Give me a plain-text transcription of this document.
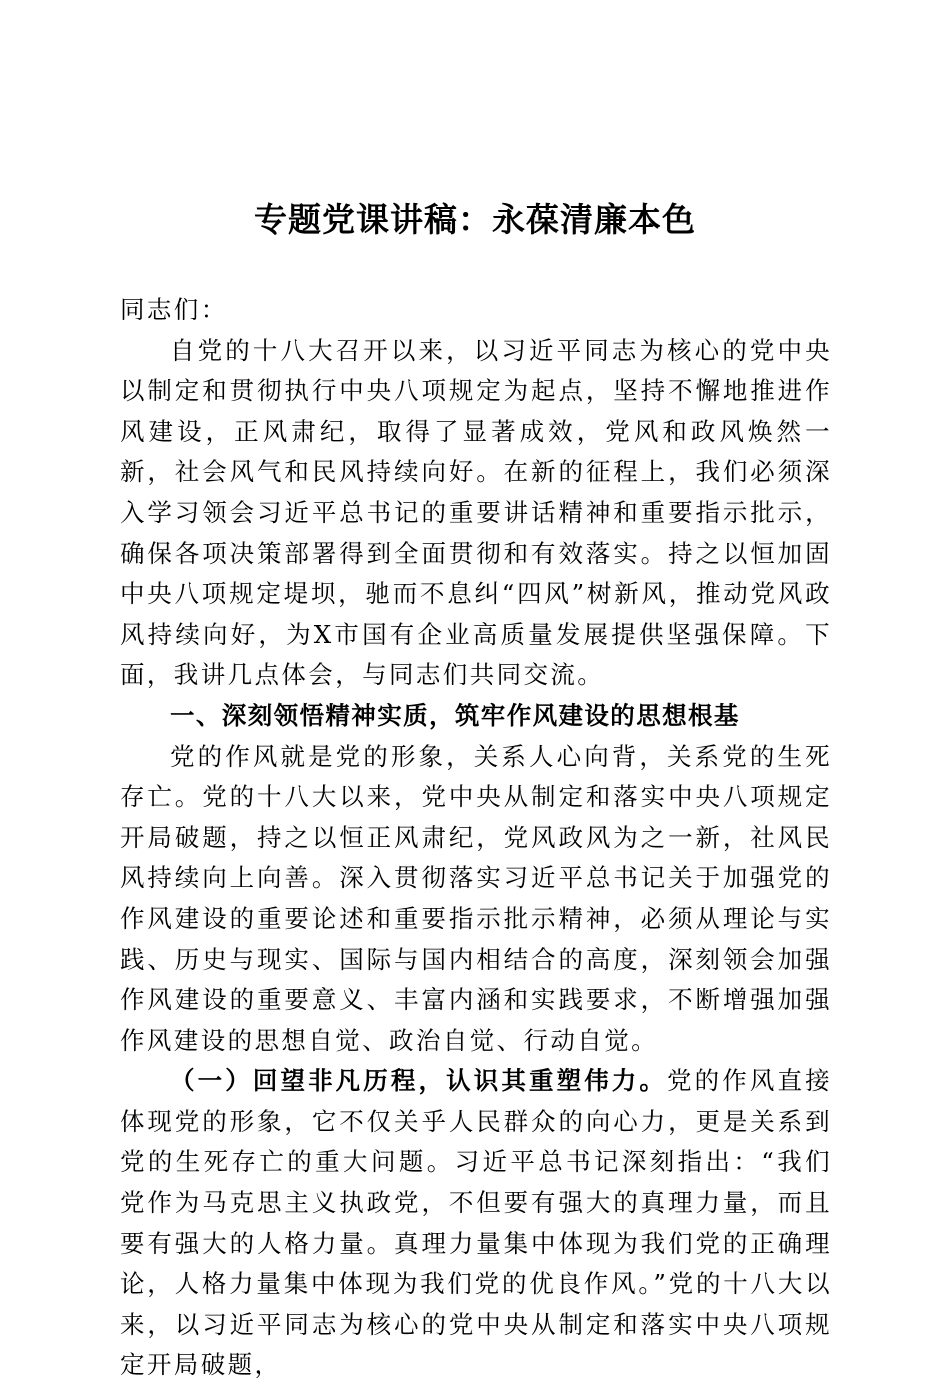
专题党课讲稿：永葆清廉本色

同志们：

自党的十八大召开以来，以习近平同志为核心的党中央以制定和贯彻执行中央八项规定为起点，坚持不懈地推进作风建设，正风肃纪，取得了显著成效，党风和政风焕然一新，社会风气和民风持续向好。在新的征程上，我们必须深入学习领会习近平总书记的重要讲话精神和重要指示批示，确保各项决策部署得到全面贯彻和有效落实。持之以恒加固中央八项规定堤坝，驰而不息纠“四风”树新风，推动党风政风持续向好，为X市国有企业高质量发展提供坚强保障。下面，我讲几点体会，与同志们共同交流。

一、深刻领悟精神实质，筑牢作风建设的思想根基

党的作风就是党的形象，关系人心向背，关系党的生死存亡。党的十八大以来，党中央从制定和落实中央八项规定开局破题，持之以恒正风肃纪，党风政风为之一新，社风民风持续向上向善。深入贯彻落实习近平总书记关于加强党的作风建设的重要论述和重要指示批示精神，必须从理论与实践、历史与现实、国际与国内相结合的高度，深刻领会加强作风建设的重要意义、丰富内涵和实践要求，不断增强加强作风建设的思想自觉、政治自觉、行动自觉。

（一）回望非凡历程，认识其重塑伟力。党的作风直接体现党的形象，它不仅关乎人民群众的向心力，更是关系到党的生死存亡的重大问题。习近平总书记深刻指出：“我们党作为马克思主义执政党，不但要有强大的真理力量，而且要有强大的人格力量。真理力量集中体现为我们党的正确理论，人格力量集中体现为我们党的优良作风。”党的十八大以来，以习近平同志为核心的党中央从制定和落实中央八项规定开局破题，
